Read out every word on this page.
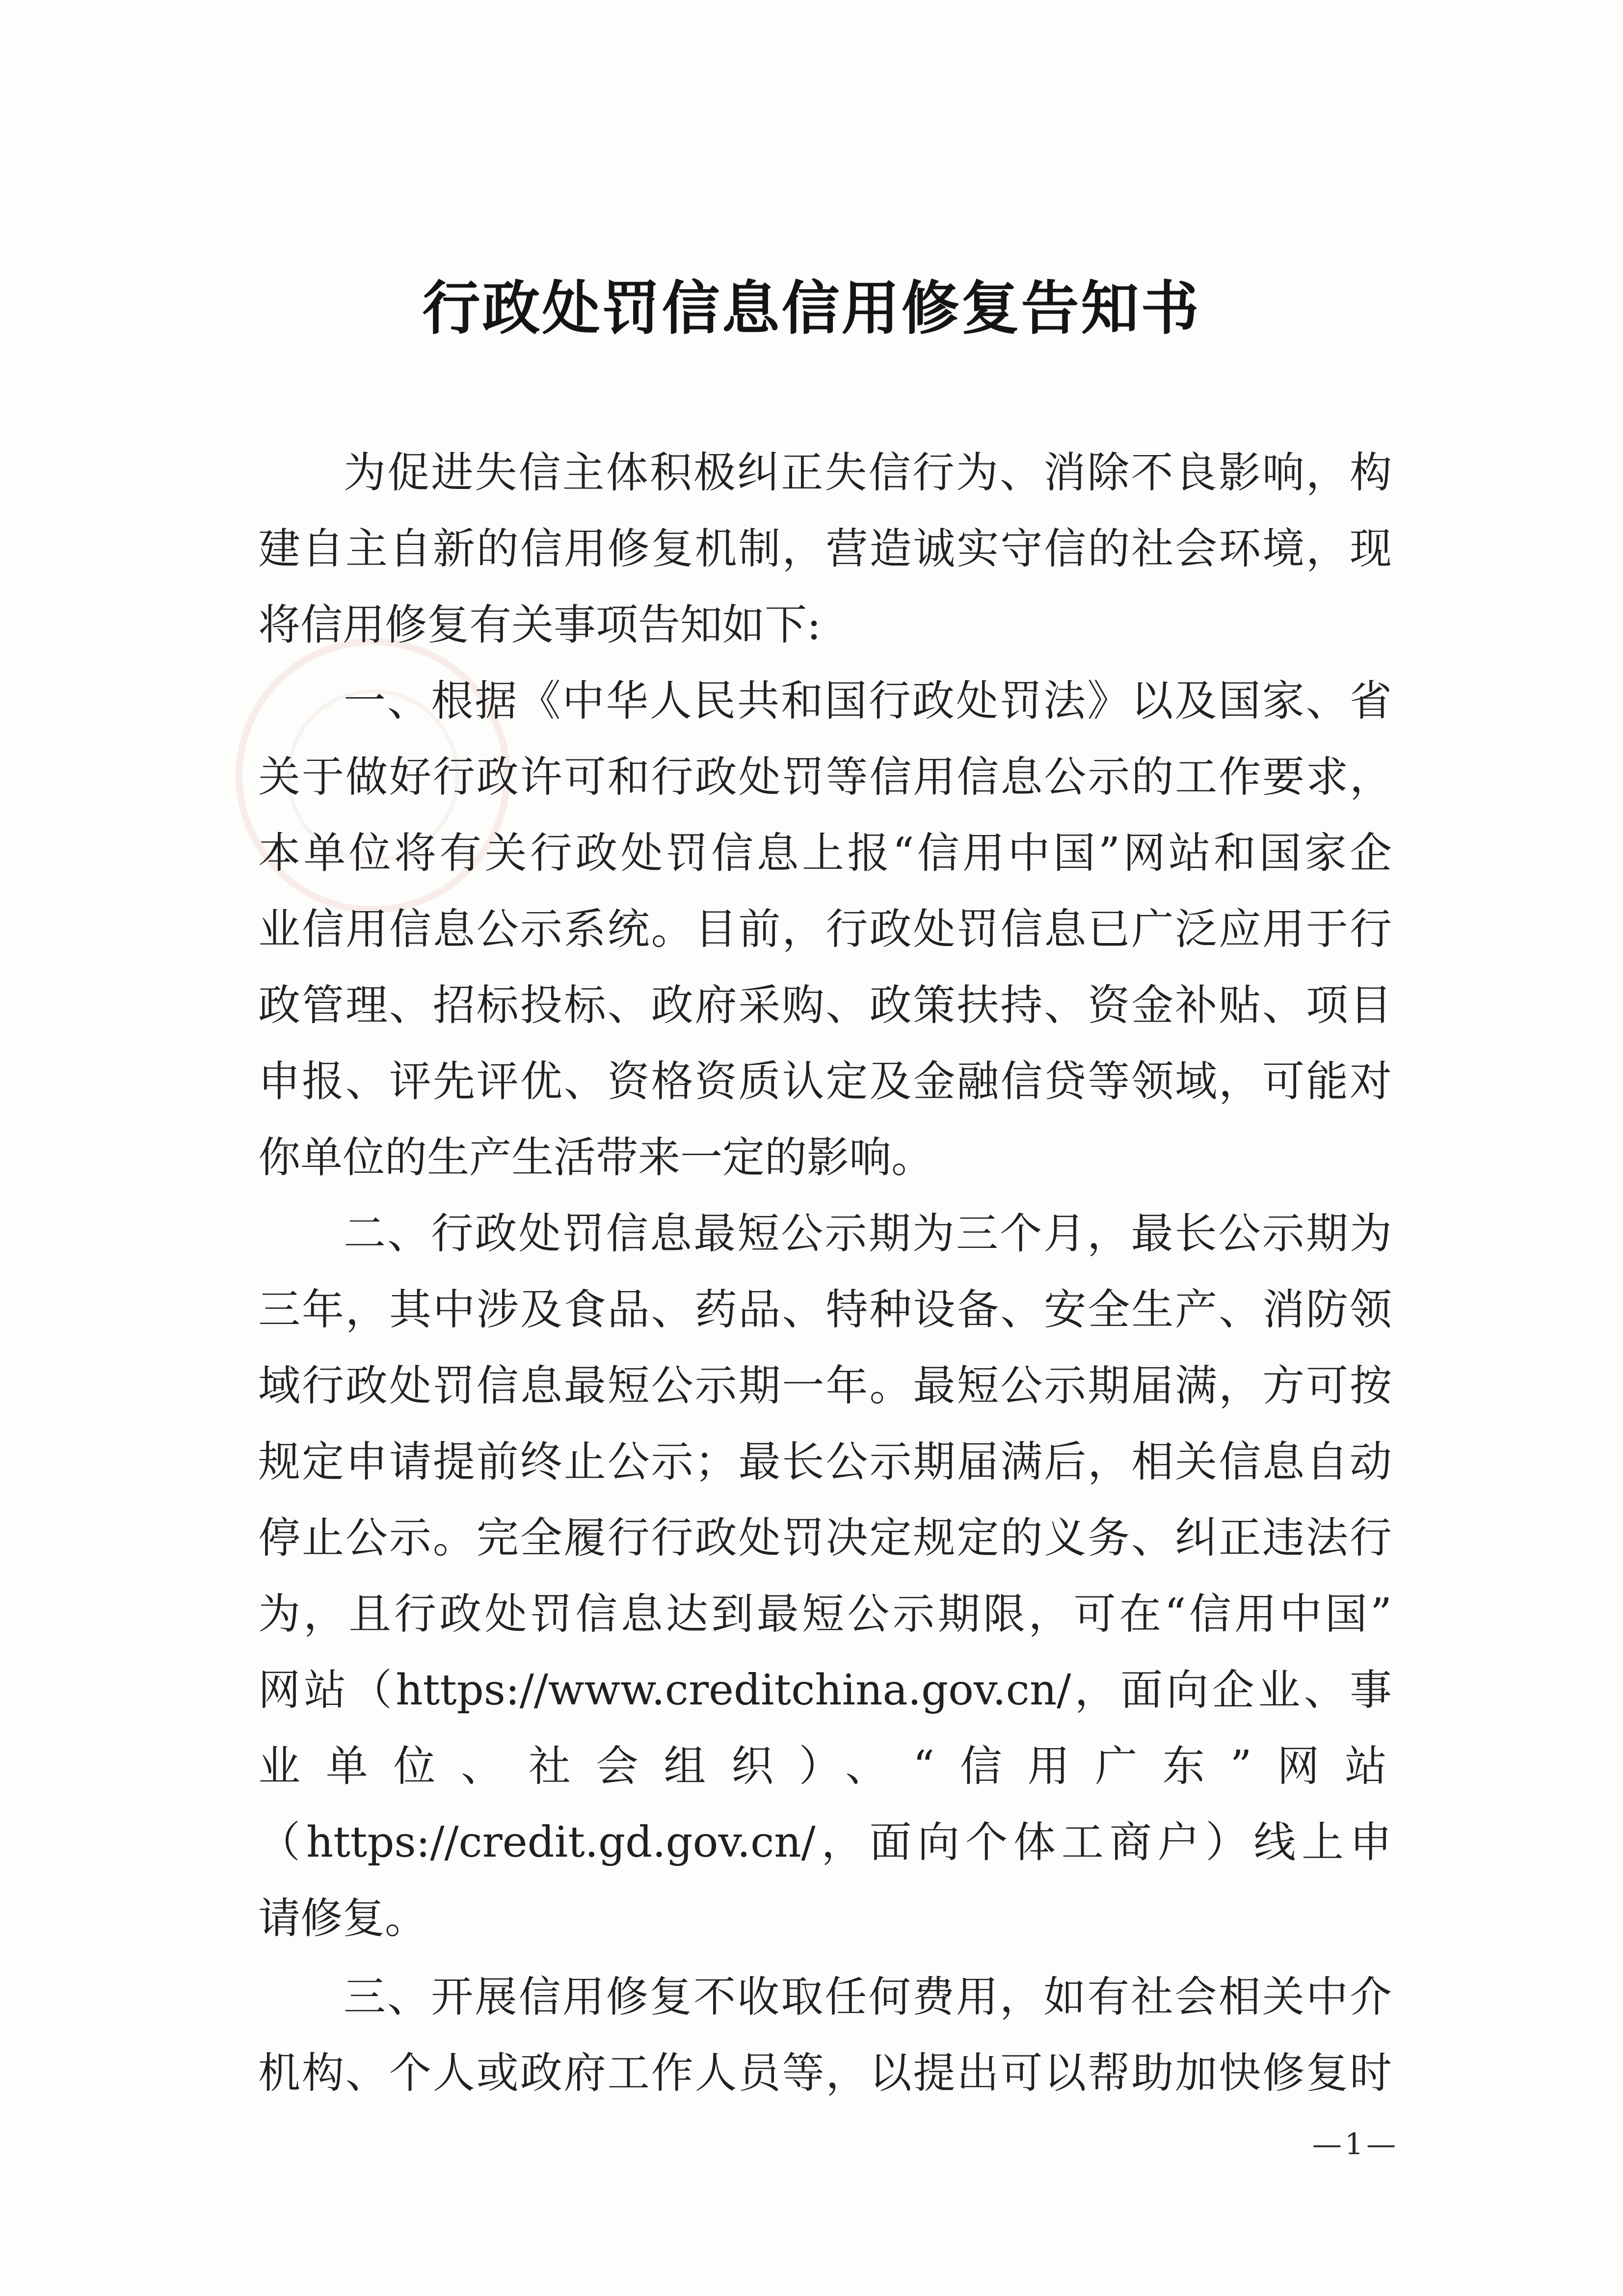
行政处罚信息信用修复告知书
为促进失信主体积极纠正失信行为、消除不良影响，构
建自主自新的信用修复机制，营造诚实守信的社会环境，现
将信用修复有关事项告知如下:
一、根据《中华人民共和国行政处罚法》以及国家、省
关于做好行政许可和行政处罚等信用信息公示的工作要求，
本单位将有关行政处罚信息上报“信用中国”网站和国家企
业信用信息公示系统。目前，行政处罚信息已广泛应用于行
政管理、招标投标、政府采购、政策扶持、资金补贴、项目
申报、评先评优、资格资质认定及金融信贷等领域，可能对
你单位的生产生活带来一定的影响。
二、行政处罚信息最短公示期为三个月，最长公示期为
三年，其中涉及食品、药品、特种设备、安全生产、消防领
域行政处罚信息最短公示期一年。最短公示期届满，方可按
规定申请提前终止公示；最长公示期届满后，相关信息自动
停止公示。完全履行行政处罚决定规定的义务、纠正违法行
为，且行政处罚信息达到最短公示期限，可在“信用中国”
网站（https://www.creditchina.gov.cn/，面向企业、事
业单位、社会组织）、“信用广东”网站
（https://credit.gd.gov.cn/，面向个体工商户）线上申
请修复。
三、开展信用修复不收取任何费用，如有社会相关中介
机构、个人或政府工作人员等，以提出可以帮助加快修复时
—1—
